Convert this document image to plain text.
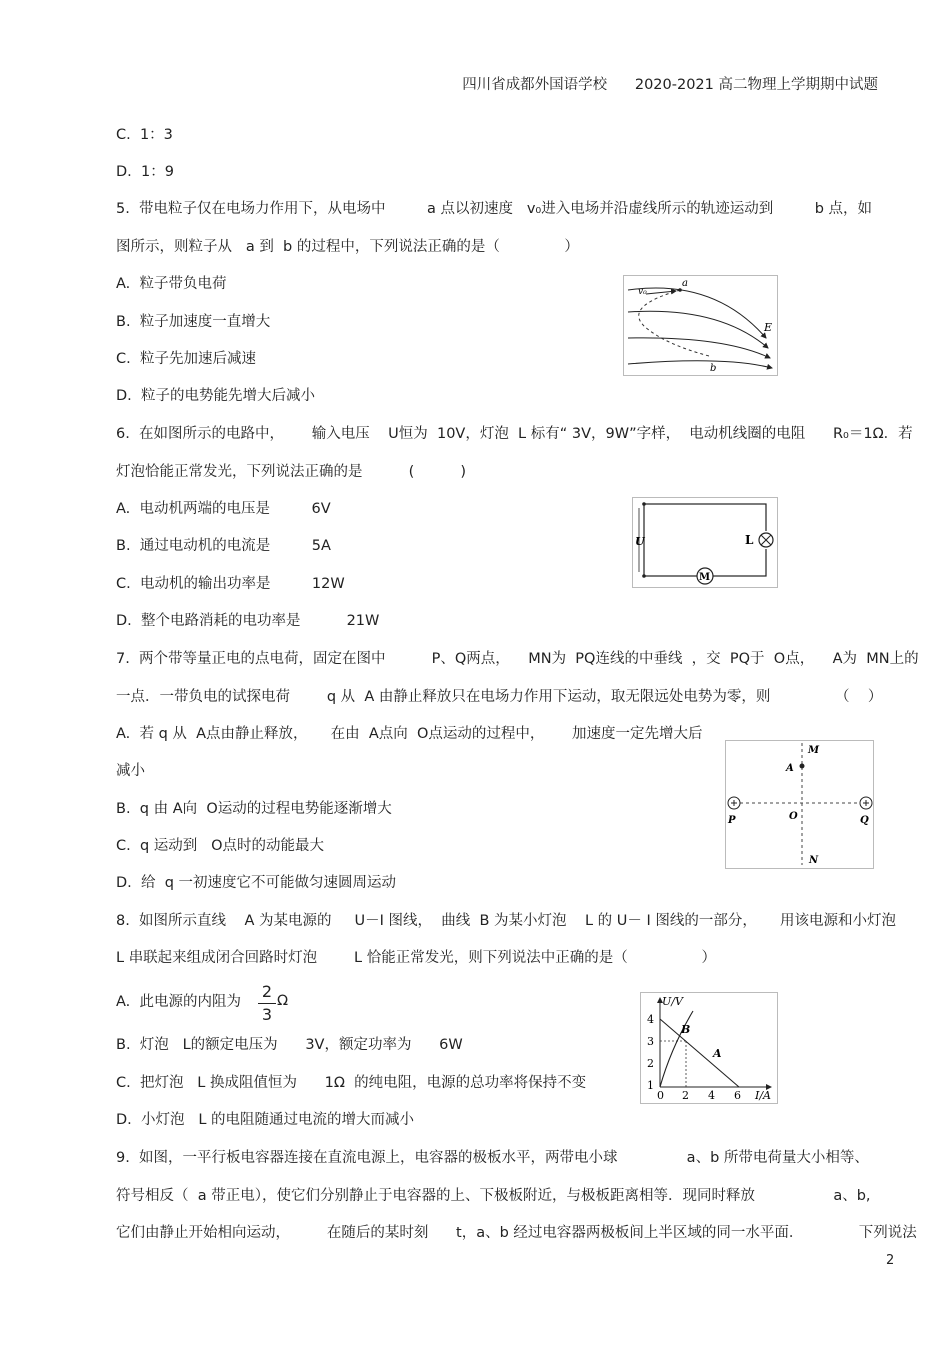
四川省成都外国语学校 2020-2021 高二物理上学期期中试题
C.  1：3
D.  1：9
5.  带电粒子仅在电场力作用下，从电场中         a 点以初速度   v₀进入电场并沿虚线所示的轨迹运动到         b 点，如
图所示，则粒子从   a 到  b 的过程中，下列说法正确的是（              ）
A.  粒子带负电荷
B.  粒子加速度一直增大
C.  粒子先加速后减速
D.  粒子的电势能先增大后减小
a
v₀
E
b
6.  在如图所示的电路中，      输入电压    U恒为  10V，灯泡  L 标有“ 3V，9W”字样，  电动机线圈的电阻      R₀＝1Ω．若
灯泡恰能正常发光，下列说法正确的是          (          )
A.  电动机两端的电压是         6V
B.  通过电动机的电流是         5A
C.  电动机的输出功率是         12W
D.  整个电路消耗的电功率是          21W
U	L
M
7.  两个带等量正电的点电荷，固定在图中          P、Q两点，    MN为  PQ连线的中垂线  ，交  PQ于  O点，    A为  MN上的
一点．一带负电的试探电荷        q 从  A 由静止释放只在电场力作用下运动，取无限远处电势为零，则              （    ）
A.  若 q 从  A点由静止释放，     在由  A点向  O点运动的过程中，      加速度一定先增大后
减小
B.  q 由 A向  O运动的过程电势能逐渐增大
C.  q 运动到   O点时的动能最大
D.  给  q 一初速度它不可能做匀速圆周运动
M
A
P	O	Q
N
8.  如图所示直线    A 为某电源的     U－I 图线，  曲线  B 为某小灯泡    L 的 U－ I 图线的一部分，     用该电源和小灯泡
L 串联起来组成闭合回路时灯泡        L 恰能正常发光，则下列说法中正确的是（                ）
A.  此电源的内阻为
2
3
Ω
B.  灯泡   L的额定电压为      3V，额定功率为      6W
C.  把灯泡   L 换成阻值恒为      1Ω  的纯电阻，电源的总功率将保持不变
D.  小灯泡   L 的电阻随通过电流的增大而减小
U/V
I/A
4
3
2
1
0 2 4 6
B
A
9.  如图，一平行板电容器连接在直流电源上，电容器的极板水平，两带电小球               a、b 所带电荷量大小相等、
符号相反（  a 带正电），使它们分别静止于电容器的上、下极板附近，与极板距离相等．现同时释放                 a、b,
它们由静止开始相向运动，        在随后的某时刻      t，a、b 经过电容器两极板间上半区域的同一水平面．            下列说法
2
